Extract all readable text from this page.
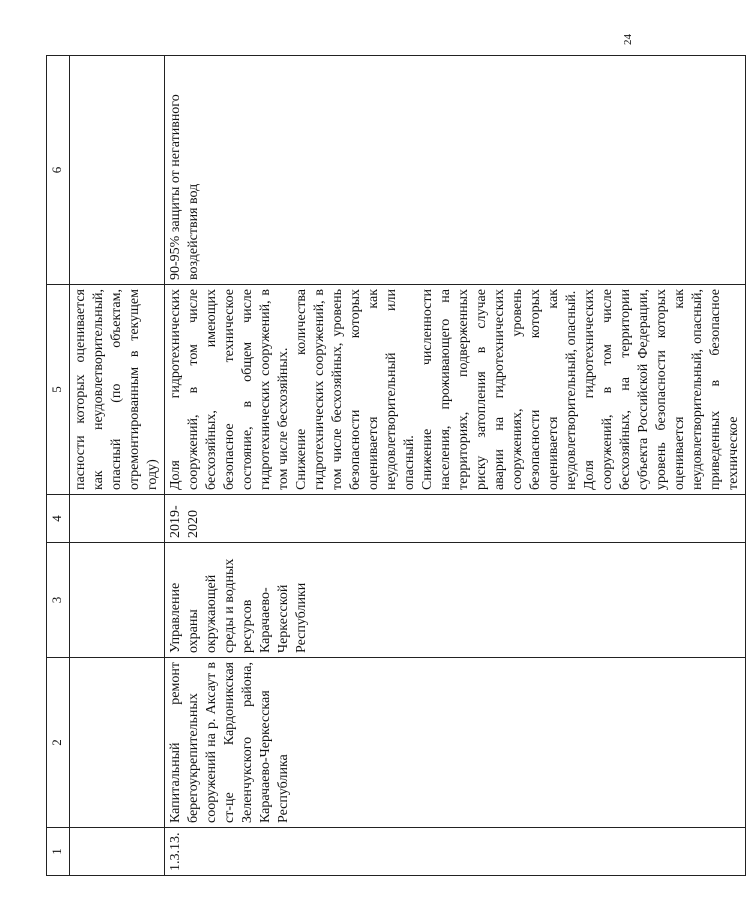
24
1	2	3	4	5	6
				пасности которых оценивается как неудовлетворительный, опасный (по объектам, отремонтированным в текущем году)	
1.3.13.	Капитальный ремонт берегоукрепительных сооружений на р. Аксаут в ст-це Кардоникская Зеленчукского района, Карачаево-Черкесская Республика	Управление охраны окружающей среды и водных ресурсов Карачаево-Черкесской Республики	2019-2020	Доля гидротехнических сооружений, в том числе бесхозяйных, имеющих безопасное техническое состояние, в общем числе гидротехнических сооружений, в том числе бесхозяйных. Снижение количества гидротехнических сооружений, в том числе бесхозяйных, уровень безопасности которых оценивается как неудовлетворительный или опасный. Снижение численности населения, проживающего на территориях, подверженных риску затопления в случае аварии на гидротехнических сооружениях, уровень безопасности которых оценивается как неудовлетворительный, опасный. Доля гидротехнических сооружений, в том числе бесхозяйных, на территории субъекта Российской Федерации, уровень безопасности которых оценивается как неудовлетворительный, опасный, приведенных в безопасное техническое	90-95% защиты от негативного воздействия вод
